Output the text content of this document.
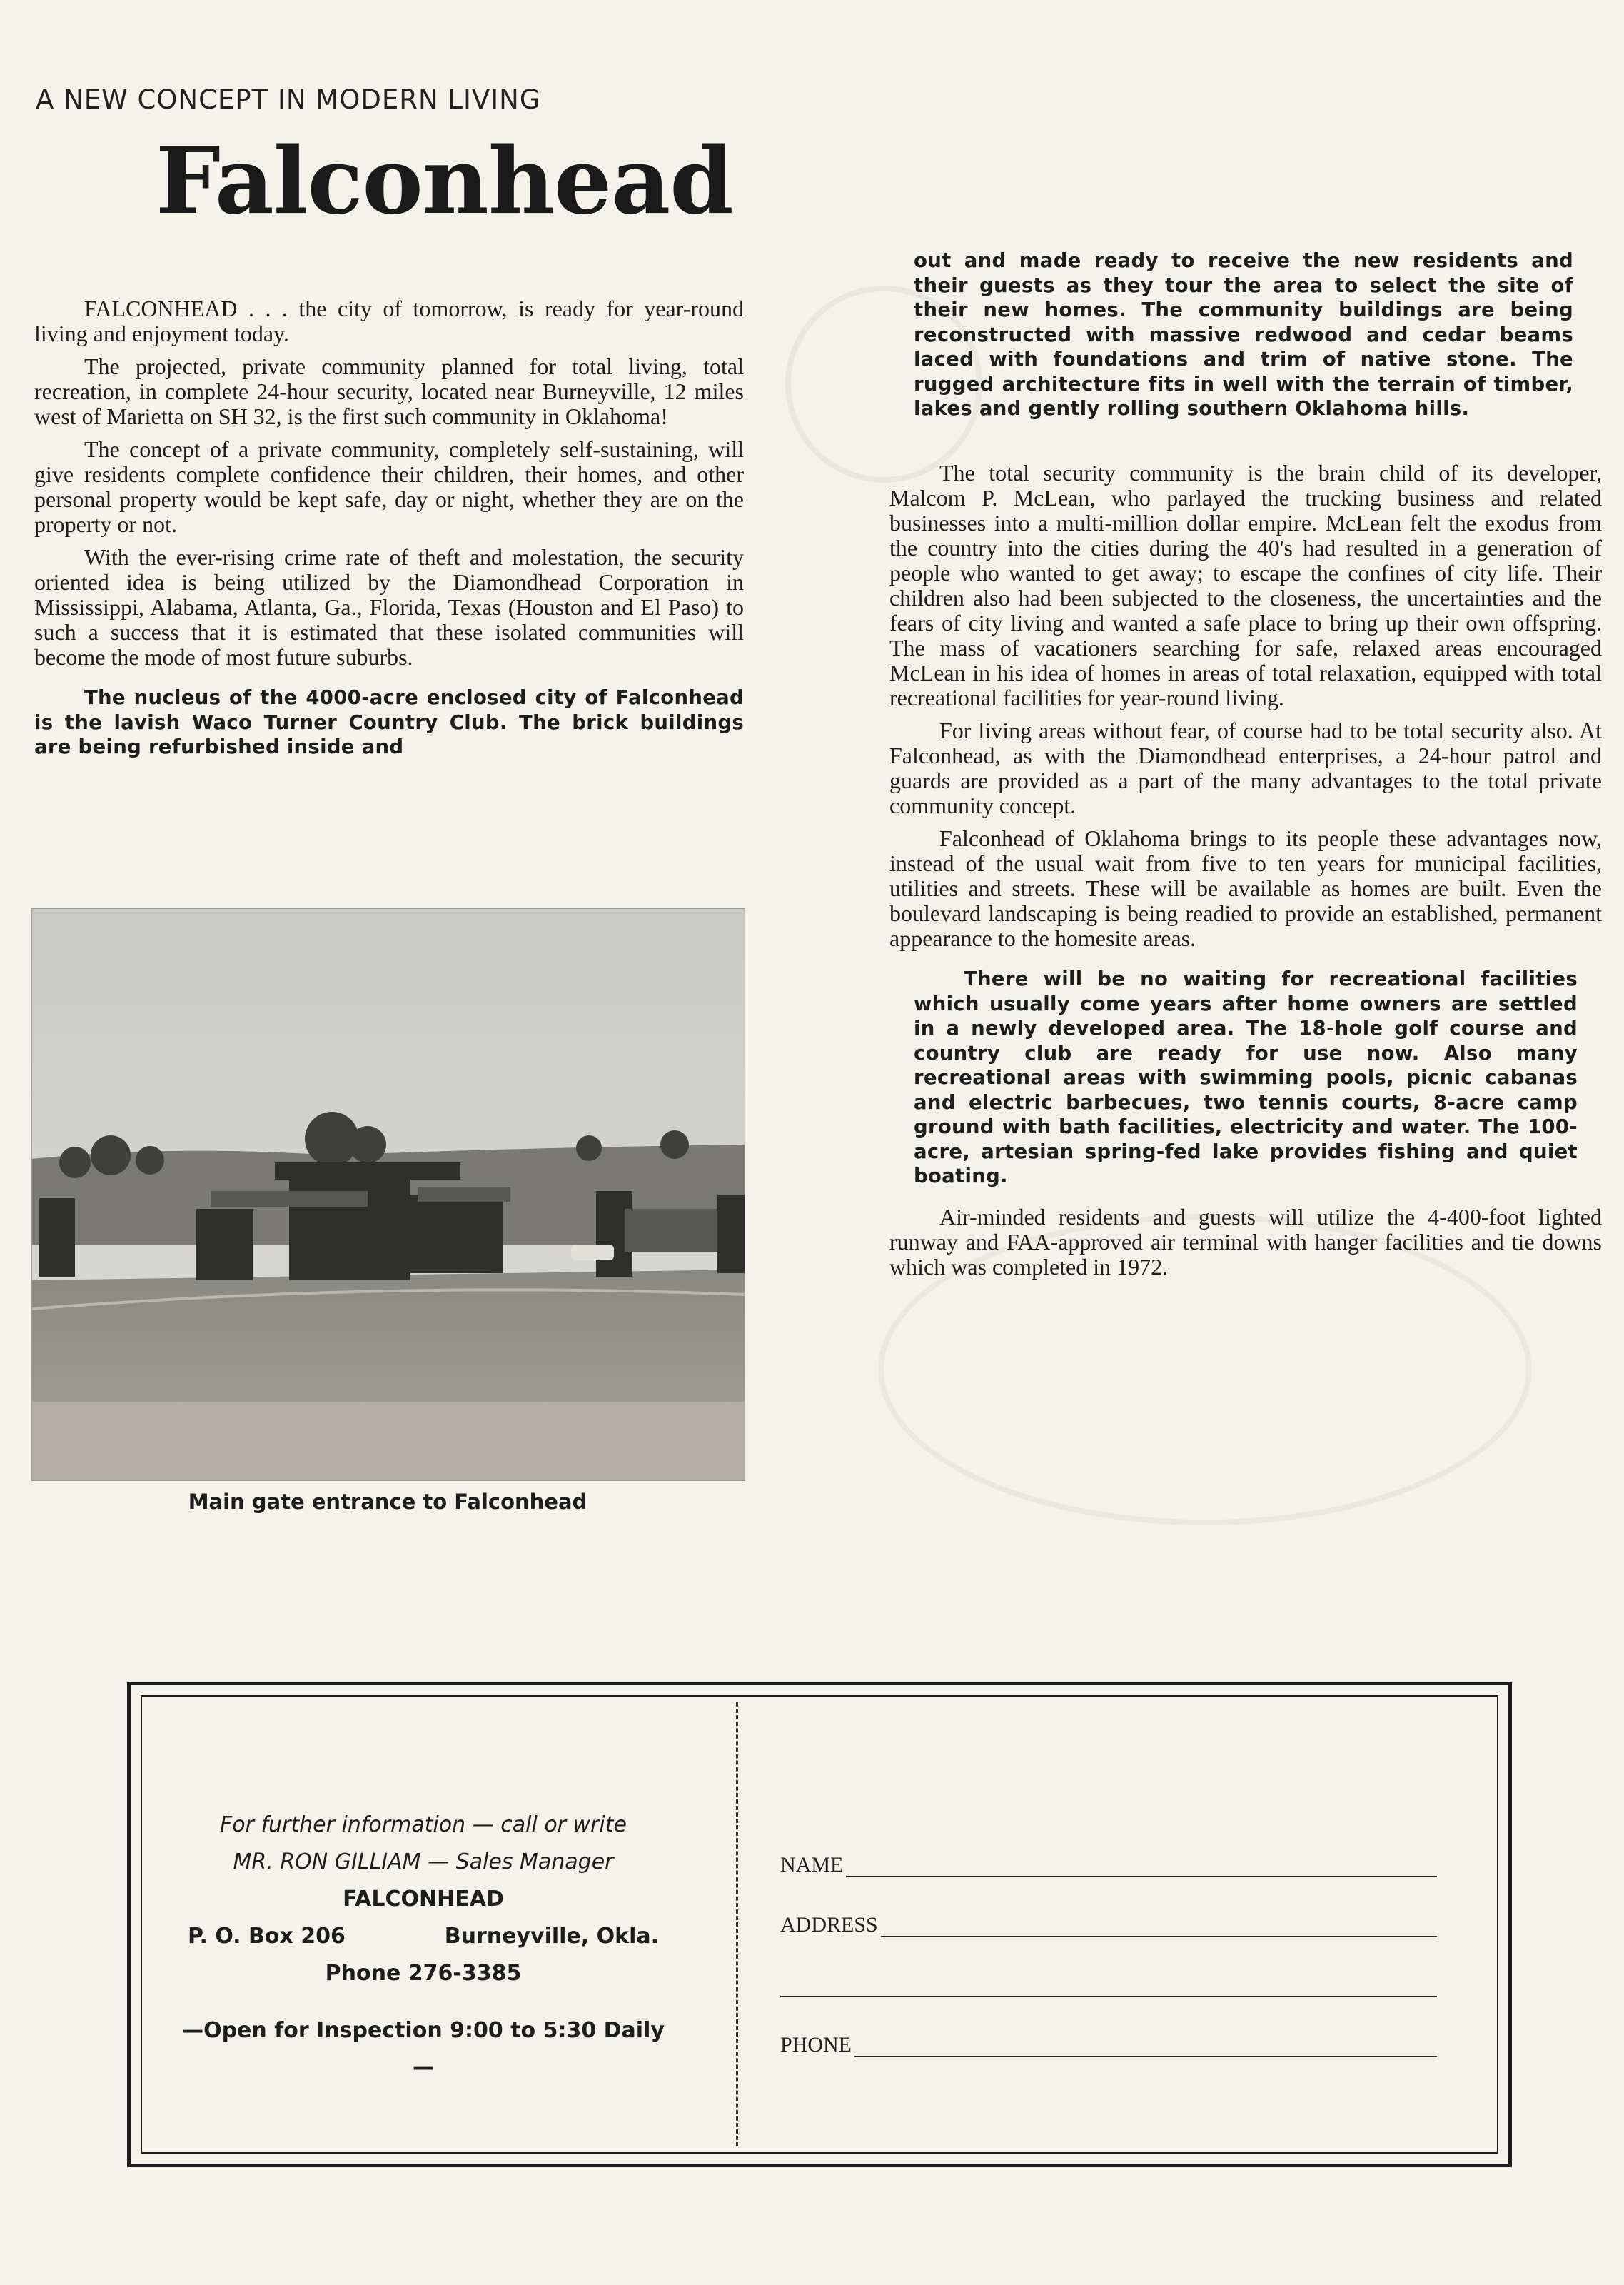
A NEW CONCEPT IN MODERN LIVING
Falconhead

FALCONHEAD . . . the city of tomorrow, is ready for year-round living and enjoyment today.

The projected, private community planned for total living, total recreation, in complete 24-hour security, located near Burneyville, 12 miles west of Marietta on SH 32, is the first such community in Oklahoma!

The concept of a private community, completely self-sustaining, will give residents complete confidence their children, their homes, and other personal property would be kept safe, day or night, whether they are on the property or not.

With the ever-rising crime rate of theft and molestation, the security oriented idea is being utilized by the Diamondhead Corporation in Mississippi, Alabama, Atlanta, Ga., Florida, Texas (Houston and El Paso) to such a success that it is estimated that these isolated communities will become the mode of most future suburbs.

The nucleus of the 4000-acre enclosed city of Falconhead is the lavish Waco Turner Country Club. The brick buildings are being refurbished inside and

Main gate entrance to Falconhead

out and made ready to receive the new residents and their guests as they tour the area to select the site of their new homes. The community buildings are being reconstructed with massive redwood and cedar beams laced with foundations and trim of native stone. The rugged architecture fits in well with the terrain of timber, lakes and gently rolling southern Oklahoma hills.

The total security community is the brain child of its developer, Malcom P. McLean, who parlayed the trucking business and related businesses into a multi-million dollar empire. McLean felt the exodus from the country into the cities during the 40's had resulted in a generation of people who wanted to get away; to escape the confines of city life. Their children also had been subjected to the closeness, the uncertainties and the fears of city living and wanted a safe place to bring up their own offspring. The mass of vacationers searching for safe, relaxed areas encouraged McLean in his idea of homes in areas of total relaxation, equipped with total recreational facilities for year-round living.

For living areas without fear, of course had to be total security also. At Falconhead, as with the Diamondhead enterprises, a 24-hour patrol and guards are provided as a part of the many advantages to the total private community concept.

Falconhead of Oklahoma brings to its people these advantages now, instead of the usual wait from five to ten years for municipal facilities, utilities and streets. These will be available as homes are built. Even the boulevard landscaping is being readied to provide an established, permanent appearance to the homesite areas.

There will be no waiting for recreational facilities which usually come years after home owners are settled in a newly developed area. The 18-hole golf course and country club are ready for use now. Also many recreational areas with swimming pools, picnic cabanas and electric barbecues, two tennis courts, 8-acre camp ground with bath facilities, electricity and water. The 100-acre, artesian spring-fed lake provides fishing and quiet boating.

Air-minded residents and guests will utilize the 4-400-foot lighted runway and FAA-approved air terminal with hanger facilities and tie downs which was completed in 1972.

For further information — call or write
MR. RON GILLIAM — Sales Manager
FALCONHEAD
P. O. Box 206	Burneyville, Okla.
Phone 276-3385
—Open for Inspection 9:00 to 5:30 Daily—
NAME
ADDRESS
PHONE
